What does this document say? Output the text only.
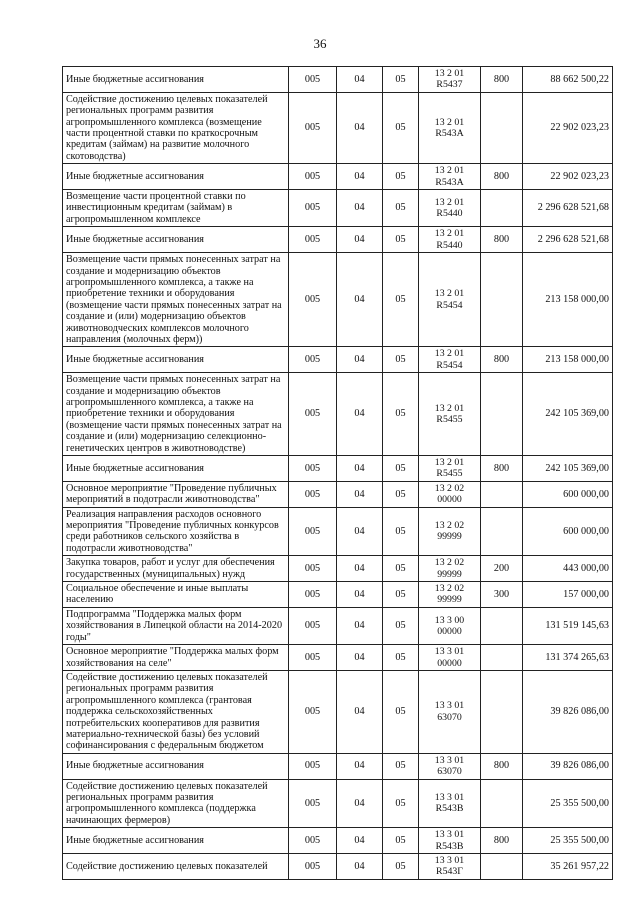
36
Иные бюджетные ассигнования	005	04	05	13 2 01 R5437	800	88 662 500,22
Содействие достижению целевых показателей региональных программ развития агропромышленного комплекса (возмещение части процентной ставки по краткосрочным кредитам (займам) на развитие молочного скотоводства)	005	04	05	13 2 01 R543А		22 902 023,23
Иные бюджетные ассигнования	005	04	05	13 2 01 R543А	800	22 902 023,23
Возмещение части процентной ставки по инвестиционным кредитам (займам) в агропромышленном комплексе	005	04	05	13 2 01 R5440		2 296 628 521,68
Иные бюджетные ассигнования	005	04	05	13 2 01 R5440	800	2 296 628 521,68
Возмещение части прямых понесенных затрат на создание и модернизацию объектов агропромышленного комплекса, а также на приобретение техники и оборудования (возмещение части прямых понесенных затрат на создание и (или) модернизацию объектов животноводческих комплексов молочного направления (молочных ферм))	005	04	05	13 2 01 R5454		213 158 000,00
Иные бюджетные ассигнования	005	04	05	13 2 01 R5454	800	213 158 000,00
Возмещение части прямых понесенных затрат на создание и модернизацию объектов агропромышленного комплекса, а также на приобретение техники и оборудования (возмещение части прямых понесенных затрат на создание и (или) модернизацию селекционно-генетических центров в животноводстве)	005	04	05	13 2 01 R5455		242 105 369,00
Иные бюджетные ассигнования	005	04	05	13 2 01 R5455	800	242 105 369,00
Основное мероприятие "Проведение публичных мероприятий в подотрасли животноводства"	005	04	05	13 2 02 00000		600 000,00
Реализация направления расходов основного мероприятия "Проведение публичных конкурсов среди работников сельского хозяйства в подотрасли животноводства"	005	04	05	13 2 02 99999		600 000,00
Закупка товаров, работ и услуг для обеспечения государственных (муниципальных) нужд	005	04	05	13 2 02 99999	200	443 000,00
Социальное обеспечение и иные выплаты населению	005	04	05	13 2 02 99999	300	157 000,00
Подпрограмма "Поддержка малых форм хозяйствования в Липецкой области на 2014-2020 годы"	005	04	05	13 3 00 00000		131 519 145,63
Основное мероприятие "Поддержка малых форм хозяйствования на селе"	005	04	05	13 3 01 00000		131 374 265,63
Содействие достижению целевых показателей региональных программ развития агропромышленного комплекса (грантовая поддержка сельскохозяйственных потребительских кооперативов для развития материально-технической базы) без условий софинансирования с федеральным бюджетом	005	04	05	13 3 01 63070		39 826 086,00
Иные бюджетные ассигнования	005	04	05	13 3 01 63070	800	39 826 086,00
Содействие достижению целевых показателей региональных программ развития агропромышленного комплекса (поддержка начинающих фермеров)	005	04	05	13 3 01 R543В		25 355 500,00
Иные бюджетные ассигнования	005	04	05	13 3 01 R543В	800	25 355 500,00
Содействие достижению целевых показателей	005	04	05	13 3 01 R543Г		35 261 957,22
